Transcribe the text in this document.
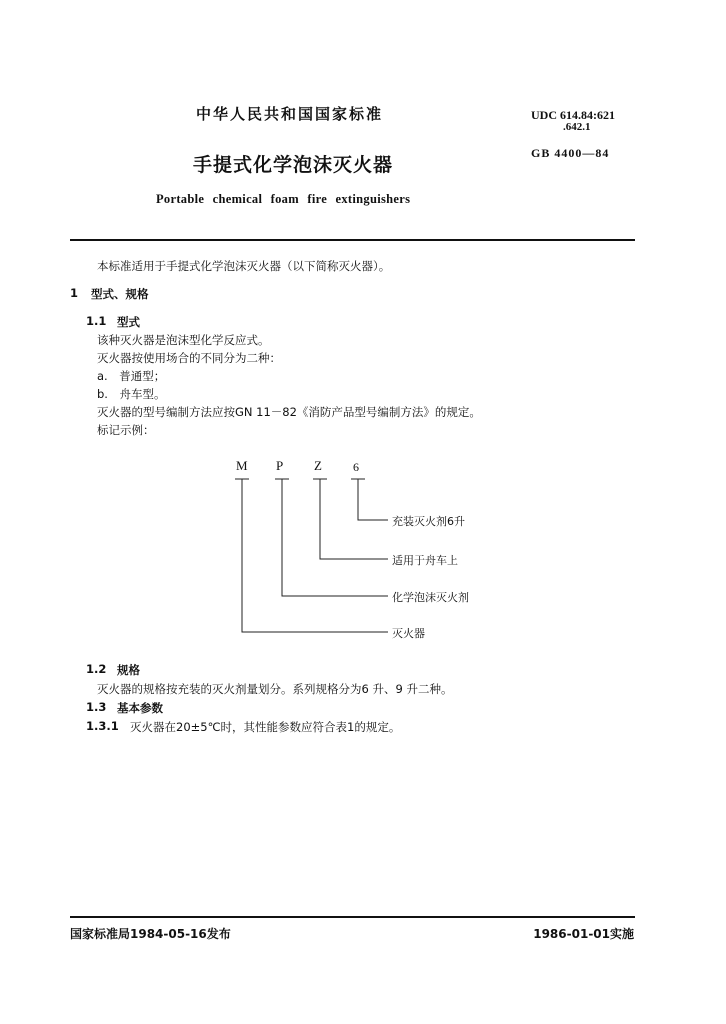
中华人民共和国国家标准	UDC 614.84:621
.642.1
GB 4400—84
手提式化学泡沫灭火器
Portable chemical foam fire extinguishers
本标准适用于手提式化学泡沫灭火器（以下简称灭火器）。
1 型式、规格
1.1 型式
该种灭火器是泡沫型化学反应式。
灭火器按使用场合的不同分为二种：
a.　普通型；
b.　舟车型。
灭火器的型号编制方法应按GN 11－82《消防产品型号编制方法》的规定。
标记示例：
M P Z	6
充装灭火剂6升
适用于舟车上
化学泡沫灭火剂
灭火器
1.2 规格
灭火器的规格按充装的灭火剂量划分。系列规格分为6 升、9 升二种。
1.3 基本参数
1.3.1 灭火器在20±5℃时，其性能参数应符合表1的规定。
国家标准局1984-05-16发布	1986-01-01实施
